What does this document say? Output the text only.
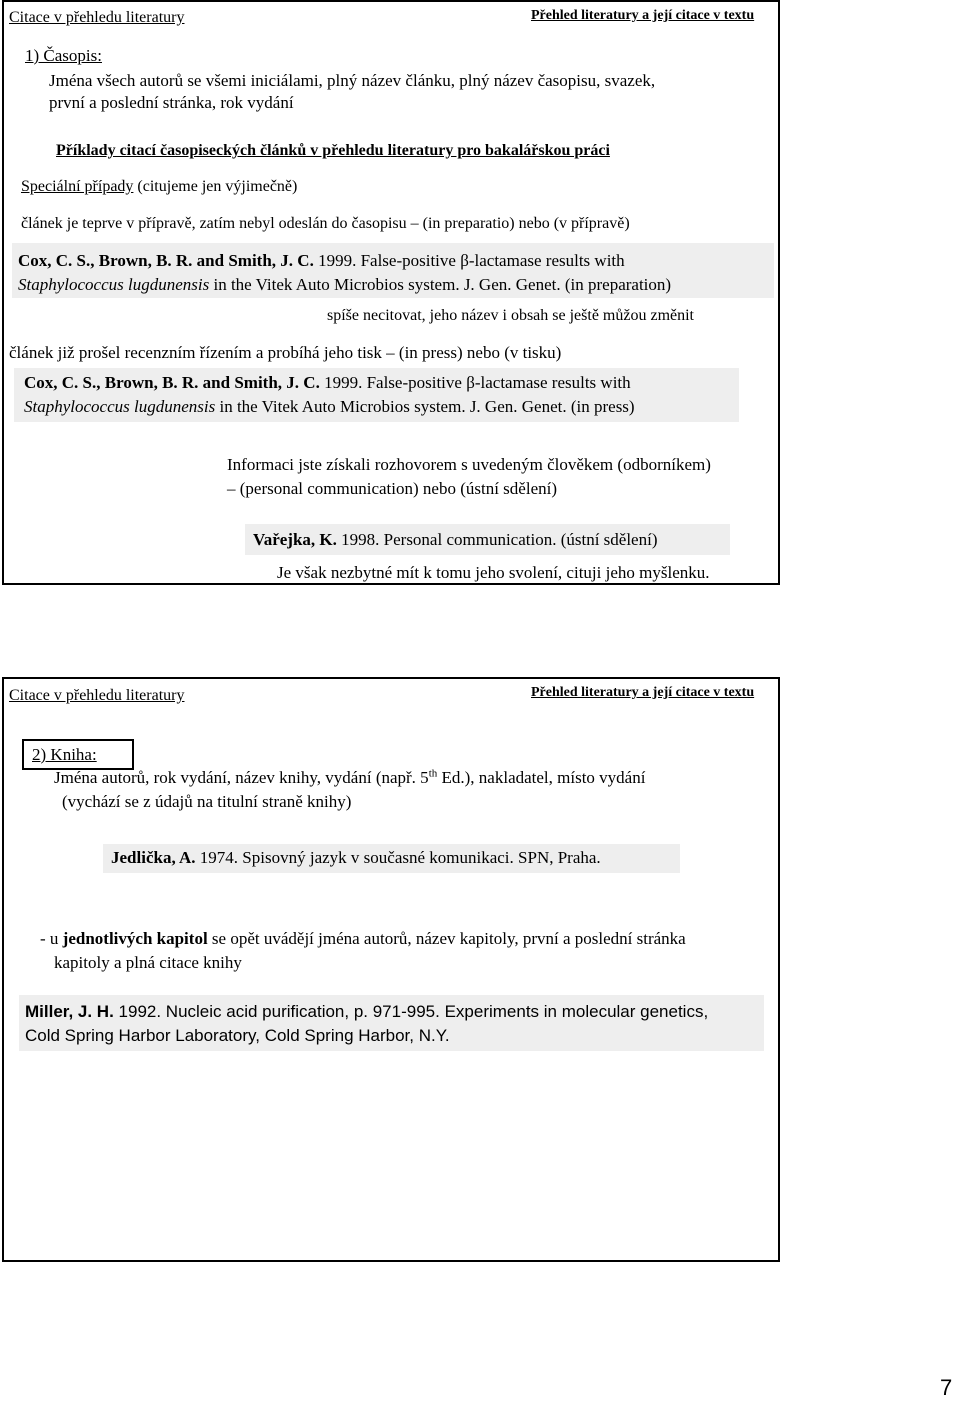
Citace v přehledu literatury	Přehled literatury a její citace v textu
1) Časopis:
Jména všech autorů se všemi iniciálami, plný název článku, plný název časopisu, svazek,
první a poslední stránka, rok vydání
Příklady citací časopiseckých článků v přehledu literatury pro bakalářskou práci
Speciální případy (citujeme jen výjimečně)
článek je teprve v přípravě, zatím nebyl odeslán do časopisu – (in preparatio) nebo (v přípravě)
Cox, C. S., Brown, B. R. and Smith, J. C. 1999. False-positive β-lactamase results with
Staphylococcus lugdunensis in the Vitek Auto Microbios system. J. Gen. Genet. (in preparation)
spíše necitovat, jeho název i obsah se ještě můžou změnit
článek již prošel recenzním řízením a probíhá jeho tisk – (in press) nebo (v tisku)
Cox, C. S., Brown, B. R. and Smith, J. C. 1999. False-positive β-lactamase results with
Staphylococcus lugdunensis in the Vitek Auto Microbios system. J. Gen. Genet. (in press)
Informaci jste získali rozhovorem s uvedeným člověkem (odborníkem)
– (personal communication) nebo (ústní sdělení)
Vařejka, K. 1998. Personal communication. (ústní sdělení)
Je však nezbytné mít k tomu jeho svolení, cituji jeho myšlenku.
Citace v přehledu literatury	Přehled literatury a její citace v textu
2) Kniha:
Jména autorů, rok vydání, název knihy, vydání (např. 5th Ed.), nakladatel, místo vydání
(vychází se z údajů na titulní straně knihy)
Jedlička, A. 1974. Spisovný jazyk v současné komunikaci. SPN, Praha.
- u jednotlivých kapitol se opět uvádějí jména autorů, název kapitoly, první a poslední stránka
kapitoly a plná citace knihy
Miller, J. H. 1992. Nucleic acid purification, p. 971-995. Experiments in molecular genetics,
Cold Spring Harbor Laboratory, Cold Spring Harbor, N.Y.
7
